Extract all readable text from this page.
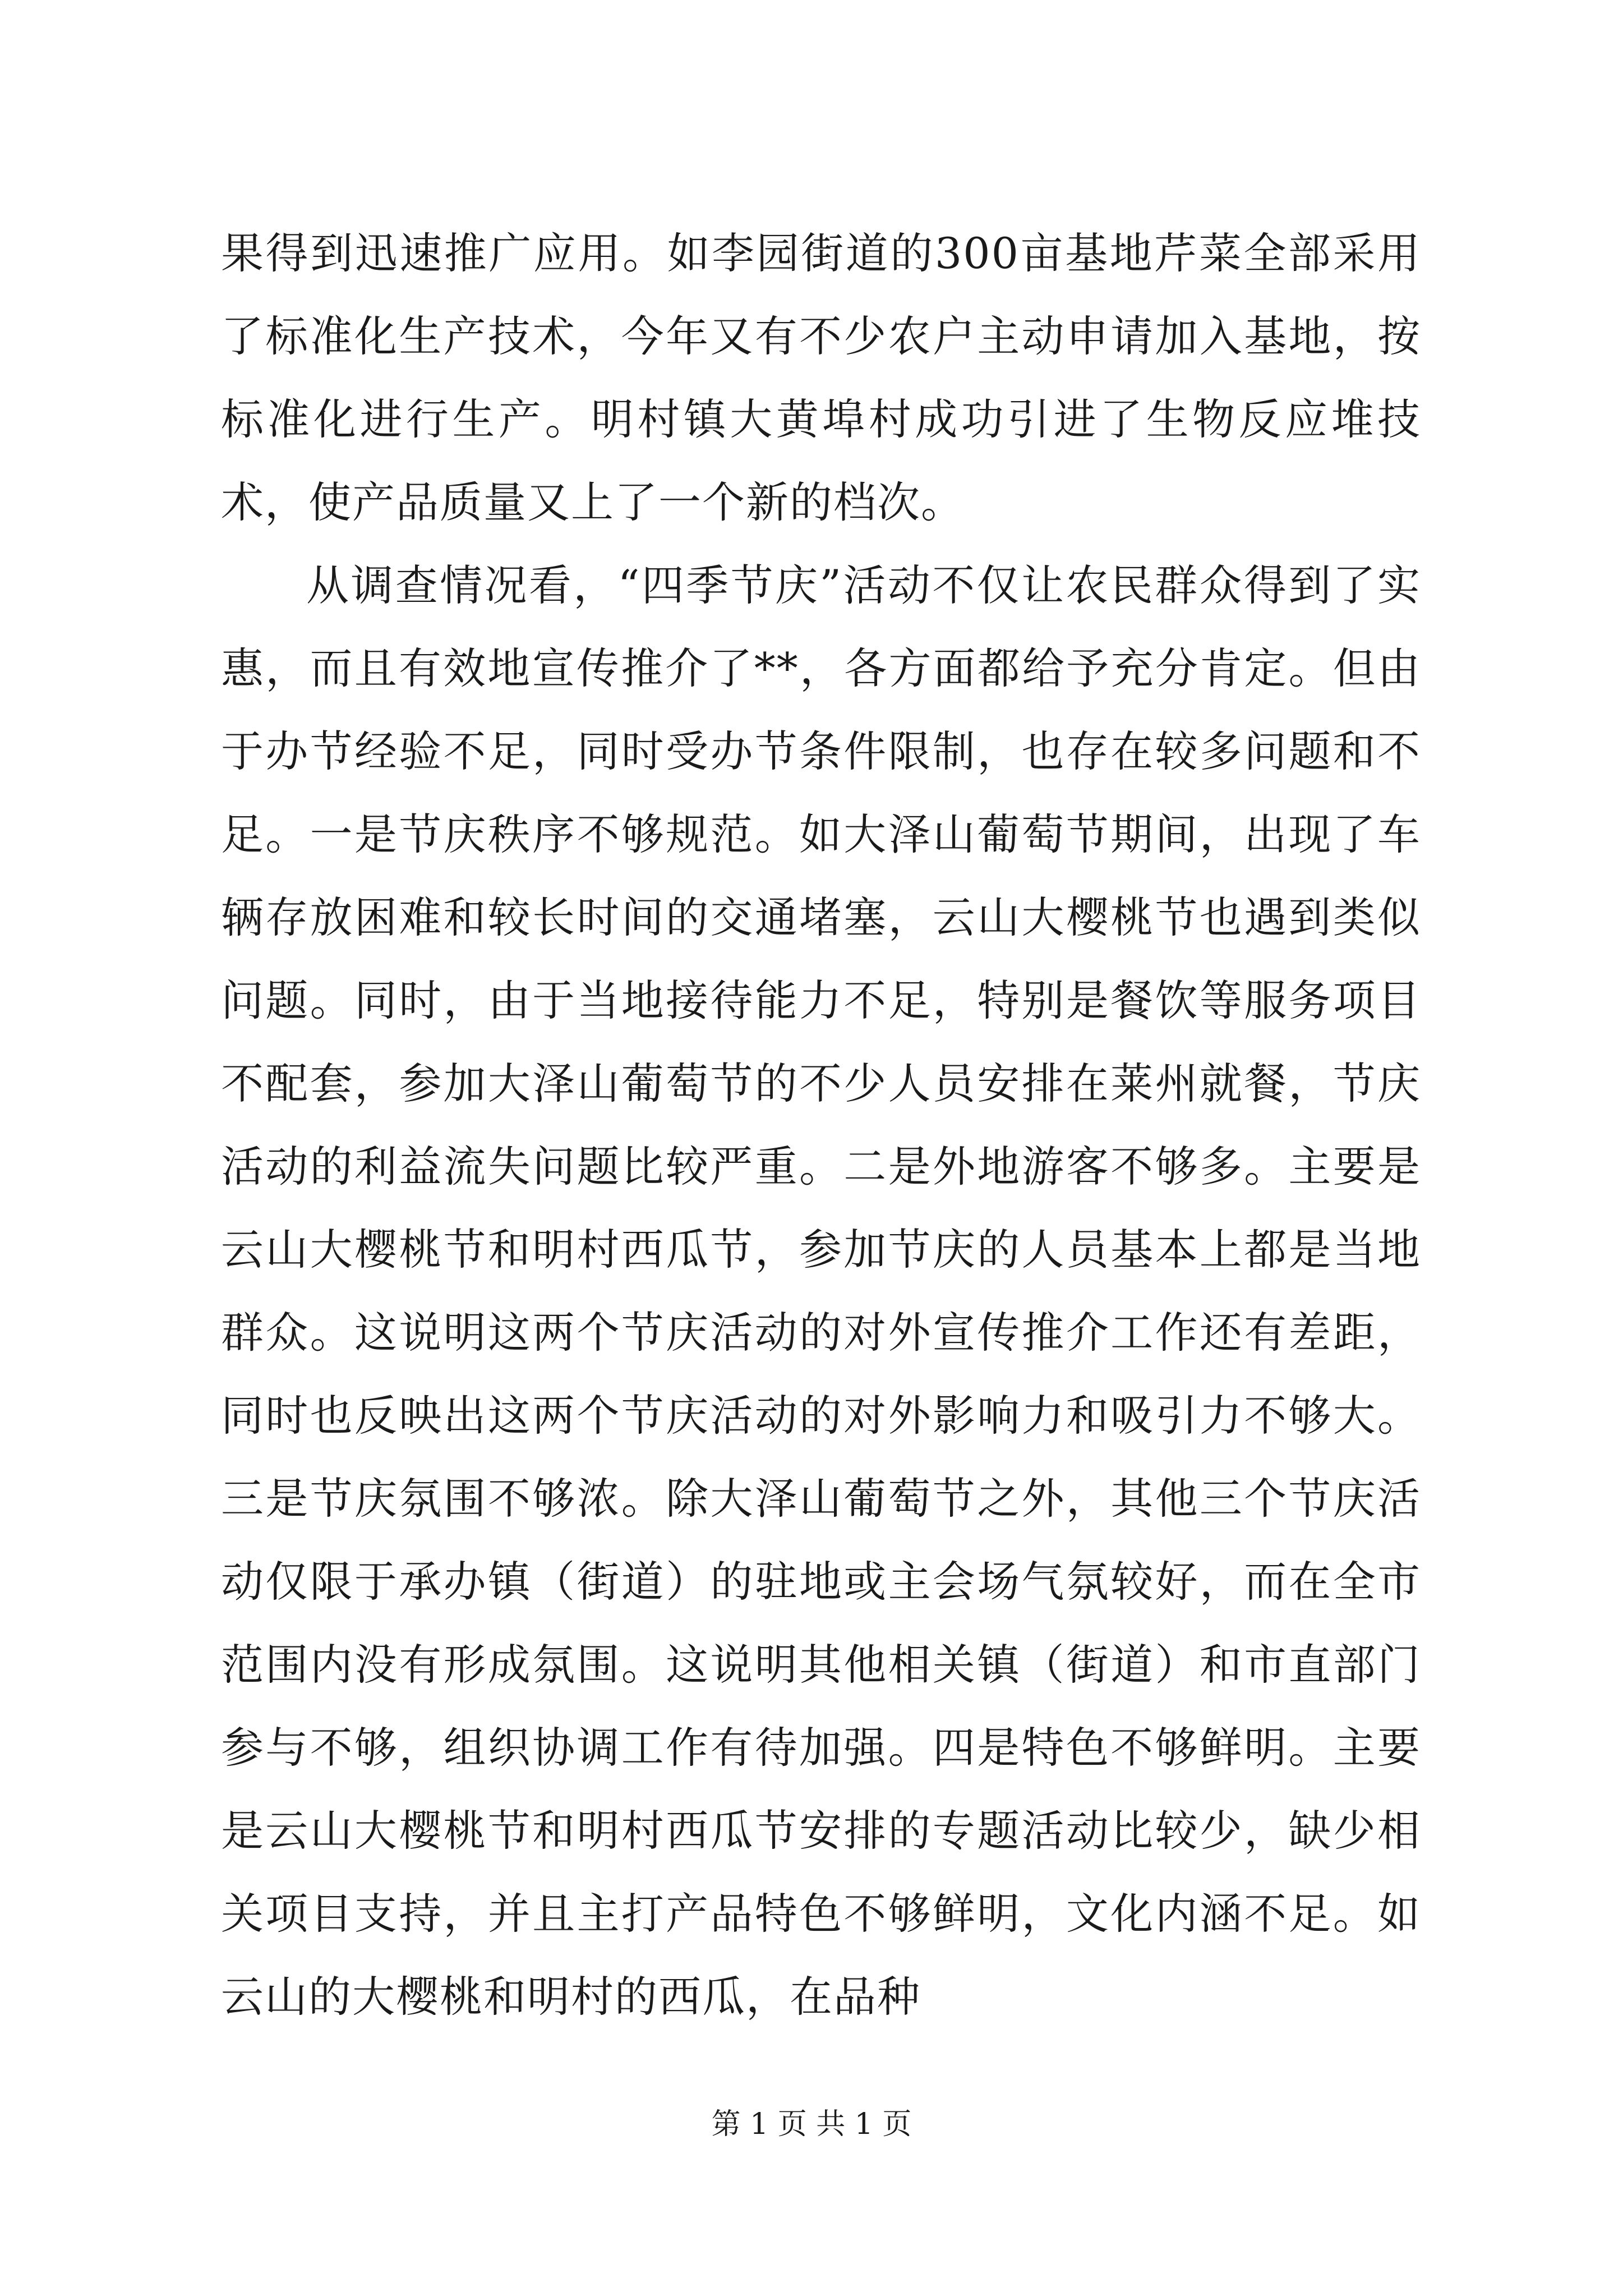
果得到迅速推广应用。如李园街道的300亩基地芹菜全部采用了标准化生产技术，今年又有不少农户主动申请加入基地，按标准化进行生产。明村镇大黄埠村成功引进了生物反应堆技术，使产品质量又上了一个新的档次。

从调查情况看，“四季节庆”活动不仅让农民群众得到了实惠，而且有效地宣传推介了**，各方面都给予充分肯定。但由于办节经验不足，同时受办节条件限制，也存在较多问题和不足。一是节庆秩序不够规范。如大泽山葡萄节期间，出现了车辆存放困难和较长时间的交通堵塞，云山大樱桃节也遇到类似问题。同时，由于当地接待能力不足，特别是餐饮等服务项目不配套，参加大泽山葡萄节的不少人员安排在莱州就餐，节庆活动的利益流失问题比较严重。二是外地游客不够多。主要是云山大樱桃节和明村西瓜节，参加节庆的人员基本上都是当地群众。这说明这两个节庆活动的对外宣传推介工作还有差距，同时也反映出这两个节庆活动的对外影响力和吸引力不够大。三是节庆氛围不够浓。除大泽山葡萄节之外，其他三个节庆活动仅限于承办镇（街道）的驻地或主会场气氛较好，而在全市范围内没有形成氛围。这说明其他相关镇（街道）和市直部门参与不够，组织协调工作有待加强。四是特色不够鲜明。主要是云山大樱桃节和明村西瓜节安排的专题活动比较少，缺少相关项目支持，并且主打产品特色不够鲜明，文化内涵不足。如云山的大樱桃和明村的西瓜，在品种

第 1 页 共 1 页
